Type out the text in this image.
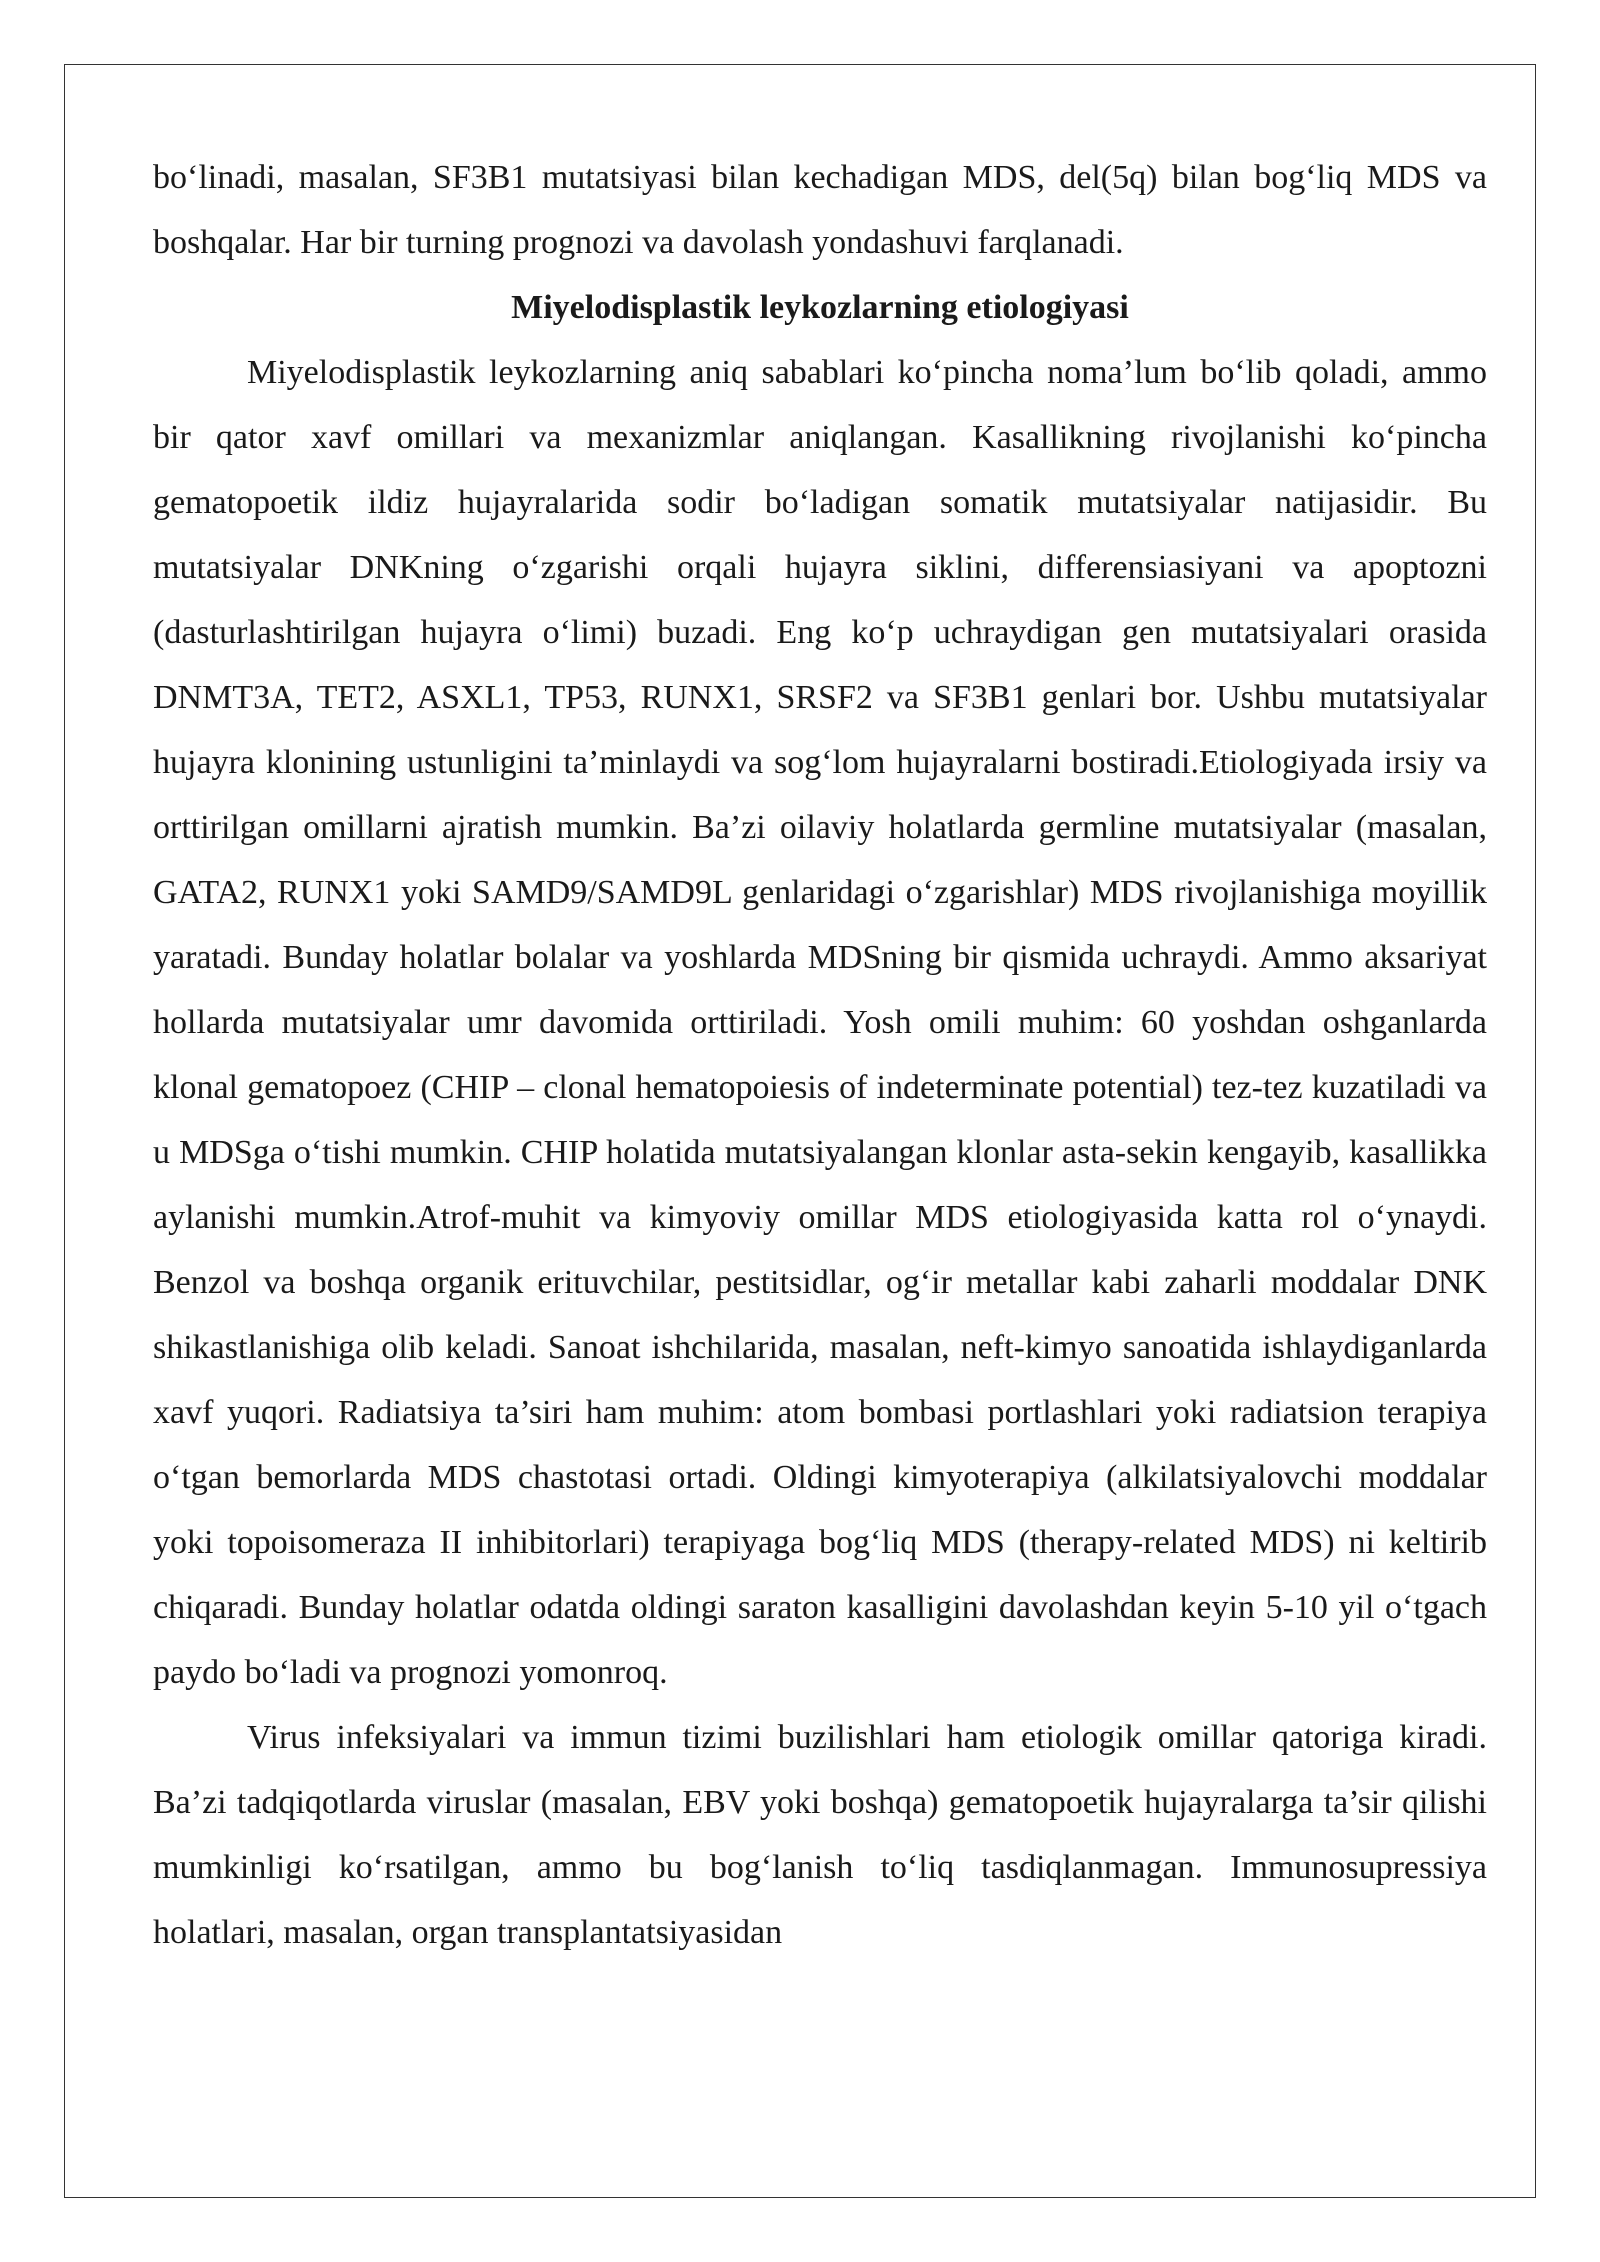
bo‘linadi, masalan, SF3B1 mutatsiyasi bilan kechadigan MDS, del(5q) bilan bog‘liq MDS va boshqalar. Har bir turning prognozi va davolash yondashuvi farqlanadi.

Miyelodisplastik leykozlarning etiologiyasi

Miyelodisplastik leykozlarning aniq sabablari ko‘pincha noma’lum bo‘lib qoladi, ammo bir qator xavf omillari va mexanizmlar aniqlangan. Kasallikning rivojlanishi ko‘pincha gematopoetik ildiz hujayralarida sodir bo‘ladigan somatik mutatsiyalar natijasidir. Bu mutatsiyalar DNKning o‘zgarishi orqali hujayra siklini, differensiasiyani va apoptozni (dasturlashtirilgan hujayra o‘limi) buzadi. Eng ko‘p uchraydigan gen mutatsiyalari orasida DNMT3A, TET2, ASXL1, TP53, RUNX1, SRSF2 va SF3B1 genlari bor. Ushbu mutatsiyalar hujayra klonining ustunligini ta’minlaydi va sog‘lom hujayralarni bostiradi.Etiologiyada irsiy va orttirilgan omillarni ajratish mumkin. Ba’zi oilaviy holatlarda germline mutatsiyalar (masalan, GATA2, RUNX1 yoki SAMD9/SAMD9L genlaridagi o‘zgarishlar) MDS rivojlanishiga moyillik yaratadi. Bunday holatlar bolalar va yoshlarda MDSning bir qismida uchraydi. Ammo aksariyat hollarda mutatsiyalar umr davomida orttiriladi. Yosh omili muhim: 60 yoshdan oshganlarda klonal gematopoez (CHIP – clonal hematopoiesis of indeterminate potential) tez-tez kuzatiladi va u MDSga o‘tishi mumkin. CHIP holatida mutatsiyalangan klonlar asta-sekin kengayib, kasallikka aylanishi mumkin.Atrof-muhit va kimyoviy omillar MDS etiologiyasida katta rol o‘ynaydi. Benzol va boshqa organik erituvchilar, pestitsidlar, og‘ir metallar kabi zaharli moddalar DNK shikastlanishiga olib keladi. Sanoat ishchilarida, masalan, neft-kimyo sanoatida ishlaydiganlarda xavf yuqori. Radiatsiya ta’siri ham muhim: atom bombasi portlashlari yoki radiatsion terapiya o‘tgan bemorlarda MDS chastotasi ortadi. Oldingi kimyoterapiya (alkilatsiyalovchi moddalar yoki topoisomeraza II inhibitorlari) terapiyaga bog‘liq MDS (therapy-related MDS) ni keltirib chiqaradi. Bunday holatlar odatda oldingi saraton kasalligini davolashdan keyin 5-10 yil o‘tgach paydo bo‘ladi va prognozi yomonroq.

Virus infeksiyalari va immun tizimi buzilishlari ham etiologik omillar qatoriga kiradi. Ba’zi tadqiqotlarda viruslar (masalan, EBV yoki boshqa) gematopoetik hujayralarga ta’sir qilishi mumkinligi ko‘rsatilgan, ammo bu bog‘lanish to‘liq tasdiqlanmagan. Immunosupressiya holatlari, masalan, organ transplantatsiyasidan
